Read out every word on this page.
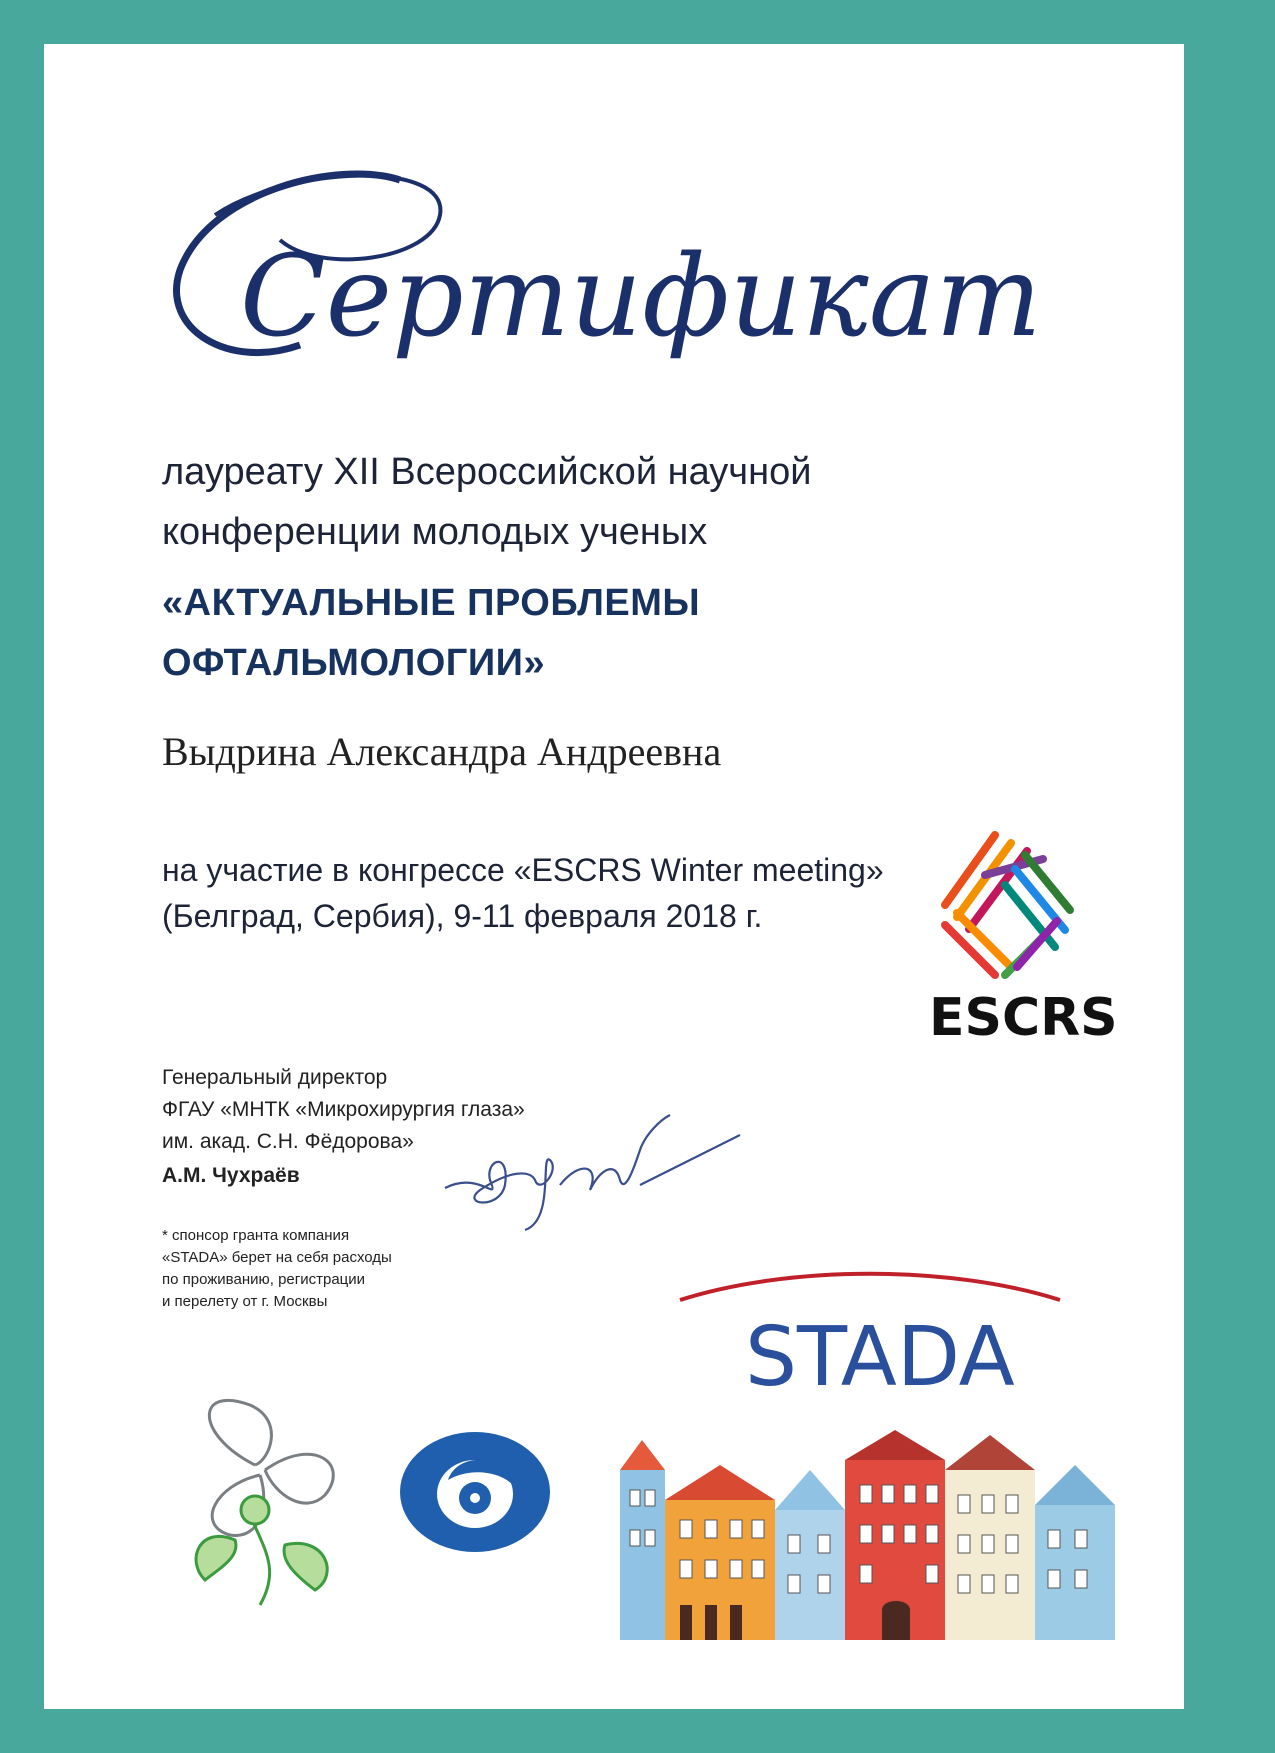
Сертификат
лауреату XII Всероссийской научной
конференции молодых ученых
«АКТУАЛЬНЫЕ ПРОБЛЕМЫ
ОФТАЛЬМОЛОГИИ»
Выдрина Александра Андреевна
на участие в конгрессе «ESCRS Winter meeting»
(Белград, Сербия), 9-11 февраля 2018 г.
ESCRS
Генеральный директор
ФГАУ «МНТК «Микрохирургия глаза»
им. акад. С.Н. Фёдорова»
А.М. Чухраёв
* спонсор гранта компания
«STADA» берет на себя расходы
по проживанию, регистрации
и перелету от г. Москвы
STADA
